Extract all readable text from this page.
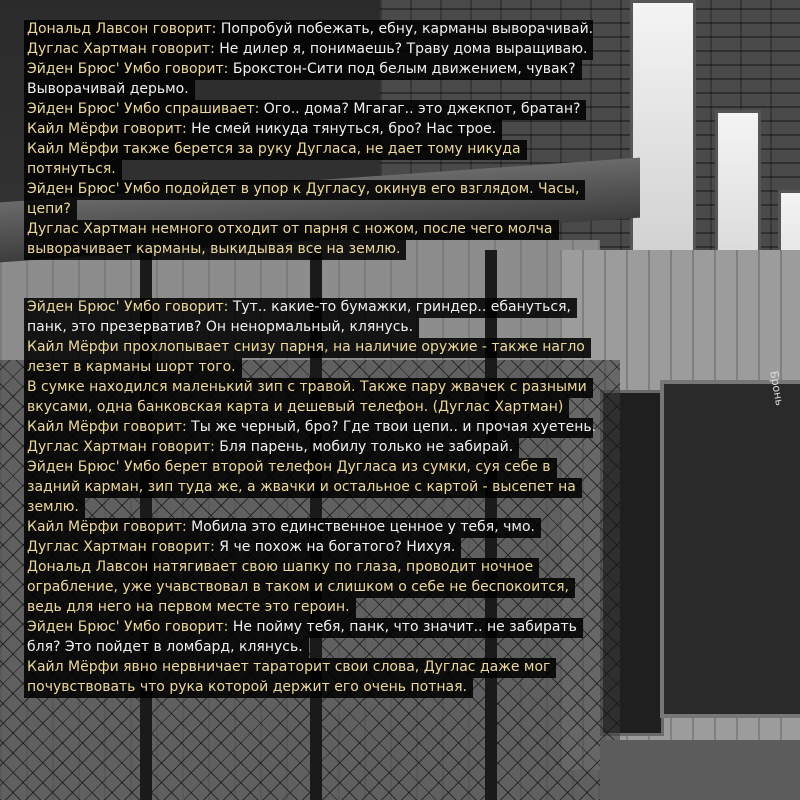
Бронь
Дональд Лавсон говорит: Попробуй побежать, ебну, карманы выворачивай.
Дуглас Хартман говорит: Не дилер я, понимаешь? Траву дома выращиваю.
Эйден Брюс' Умбо говорит: Брокстон-Сити под белым движением, чувак?
Выворачивай дерьмо.
Эйден Брюс' Умбо спрашивает: Ого.. дома? Мгагаг.. это джекпот, братан?
Кайл Мёрфи говорит: Не смей никуда тянуться, бро? Нас трое.
Кайл Мёрфи также берется за руку Дугласа, не дает тому никуда
потянуться.
Эйден Брюс' Умбо подойдет в упор к Дугласу, окинув его взглядом. Часы,
цепи?
Дуглас Хартман немного отходит от парня с ножом, после чего молча
выворачивает карманы, выкидывая все на землю.
Эйден Брюс' Умбо говорит: Тут.. какие-то бумажки, гриндер.. ебануться,
панк, это презерватив? Он ненормальный, клянусь.
Кайл Мёрфи прохлопывает снизу парня, на наличие оружие - также нагло
лезет в карманы шорт того.
В сумке находился маленький зип с травой. Также пару жвачек с разными
вкусами, одна банковская карта и дешевый телефон. (Дуглас Хартман)
Кайл Мёрфи говорит: Ты же черный, бро? Где твои цепи.. и прочая хуетень.
Дуглас Хартман говорит: Бля парень, мобилу только не забирай.
Эйден Брюс' Умбо берет второй телефон Дугласа из сумки, суя себе в
задний карман, зип туда же, а жвачки и остальное с картой - высепет на
землю.
Кайл Мёрфи говорит: Мобила это единственное ценное у тебя, чмо.
Дуглас Хартман говорит: Я че похож на богатого? Нихуя.
Дональд Лавсон натягивает свою шапку по глаза, проводит ночное
ограбление, уже учавствовал в таком и слишком о себе не беспокоится,
ведь для него на первом месте это героин.
Эйден Брюс' Умбо говорит: Не пойму тебя, панк, что значит.. не забирать
бля? Это пойдет в ломбард, клянусь.
Кайл Мёрфи явно нервничает тараторит свои слова, Дуглас даже мог
почувствовать что рука которой держит его очень потная.
